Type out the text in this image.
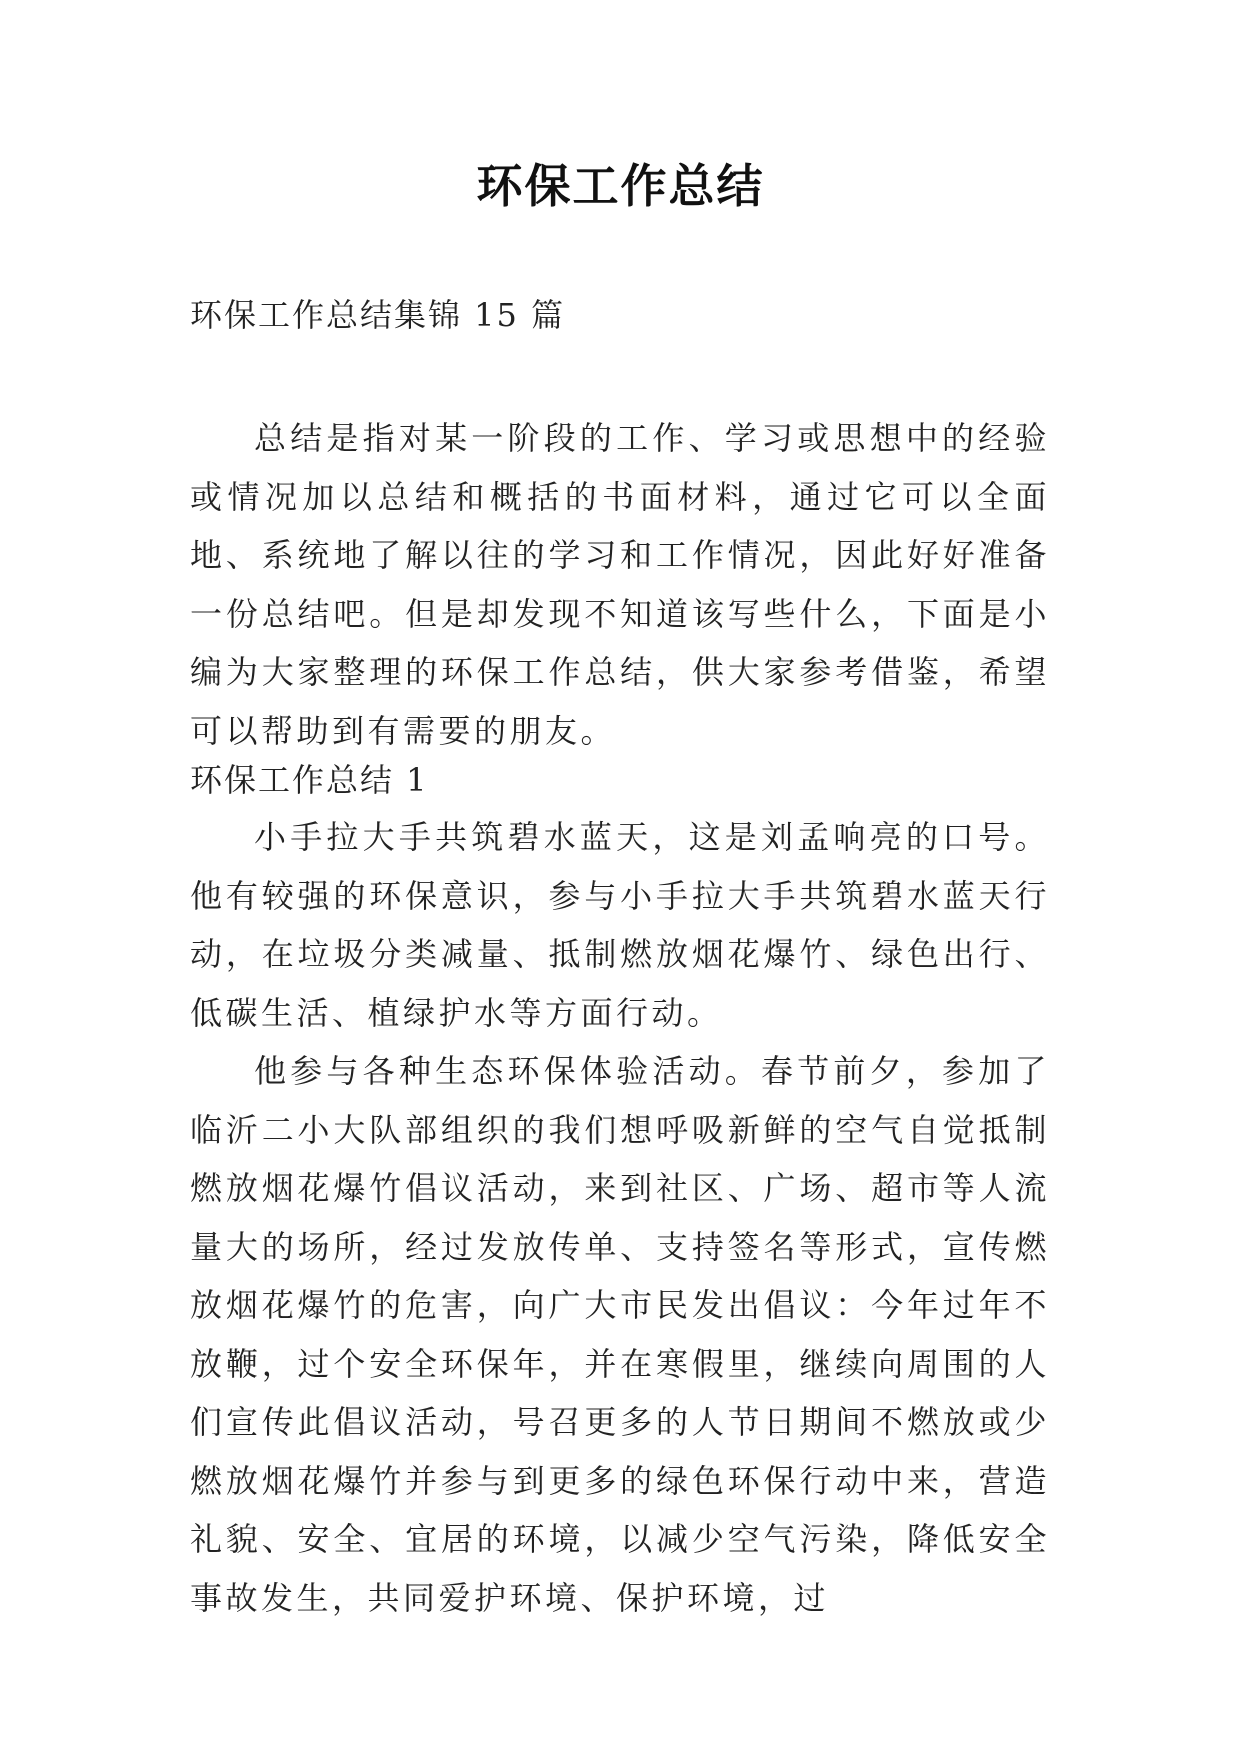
环保工作总结
环保工作总结集锦 15 篇

总结是指对某一阶段的工作、学习或思想中的经验或情况加以总结和概括的书面材料，通过它可以全面地、系统地了解以往的学习和工作情况，因此好好准备一份总结吧。但是却发现不知道该写些什么，下面是小编为大家整理的环保工作总结，供大家参考借鉴，希望可以帮助到有需要的朋友。

环保工作总结 1

小手拉大手共筑碧水蓝天，这是刘孟响亮的口号。他有较强的环保意识，参与小手拉大手共筑碧水蓝天行动，在垃圾分类减量、抵制燃放烟花爆竹、绿色出行、低碳生活、植绿护水等方面行动。

他参与各种生态环保体验活动。春节前夕，参加了临沂二小大队部组织的我们想呼吸新鲜的空气自觉抵制燃放烟花爆竹倡议活动，来到社区、广场、超市等人流量大的场所，经过发放传单、支持签名等形式，宣传燃放烟花爆竹的危害，向广大市民发出倡议：今年过年不放鞭，过个安全环保年，并在寒假里，继续向周围的人们宣传此倡议活动，号召更多的人节日期间不燃放或少燃放烟花爆竹并参与到更多的绿色环保行动中来，营造礼貌、安全、宜居的环境，以减少空气污染，降低安全事故发生，共同爱护环境、保护环境，过
